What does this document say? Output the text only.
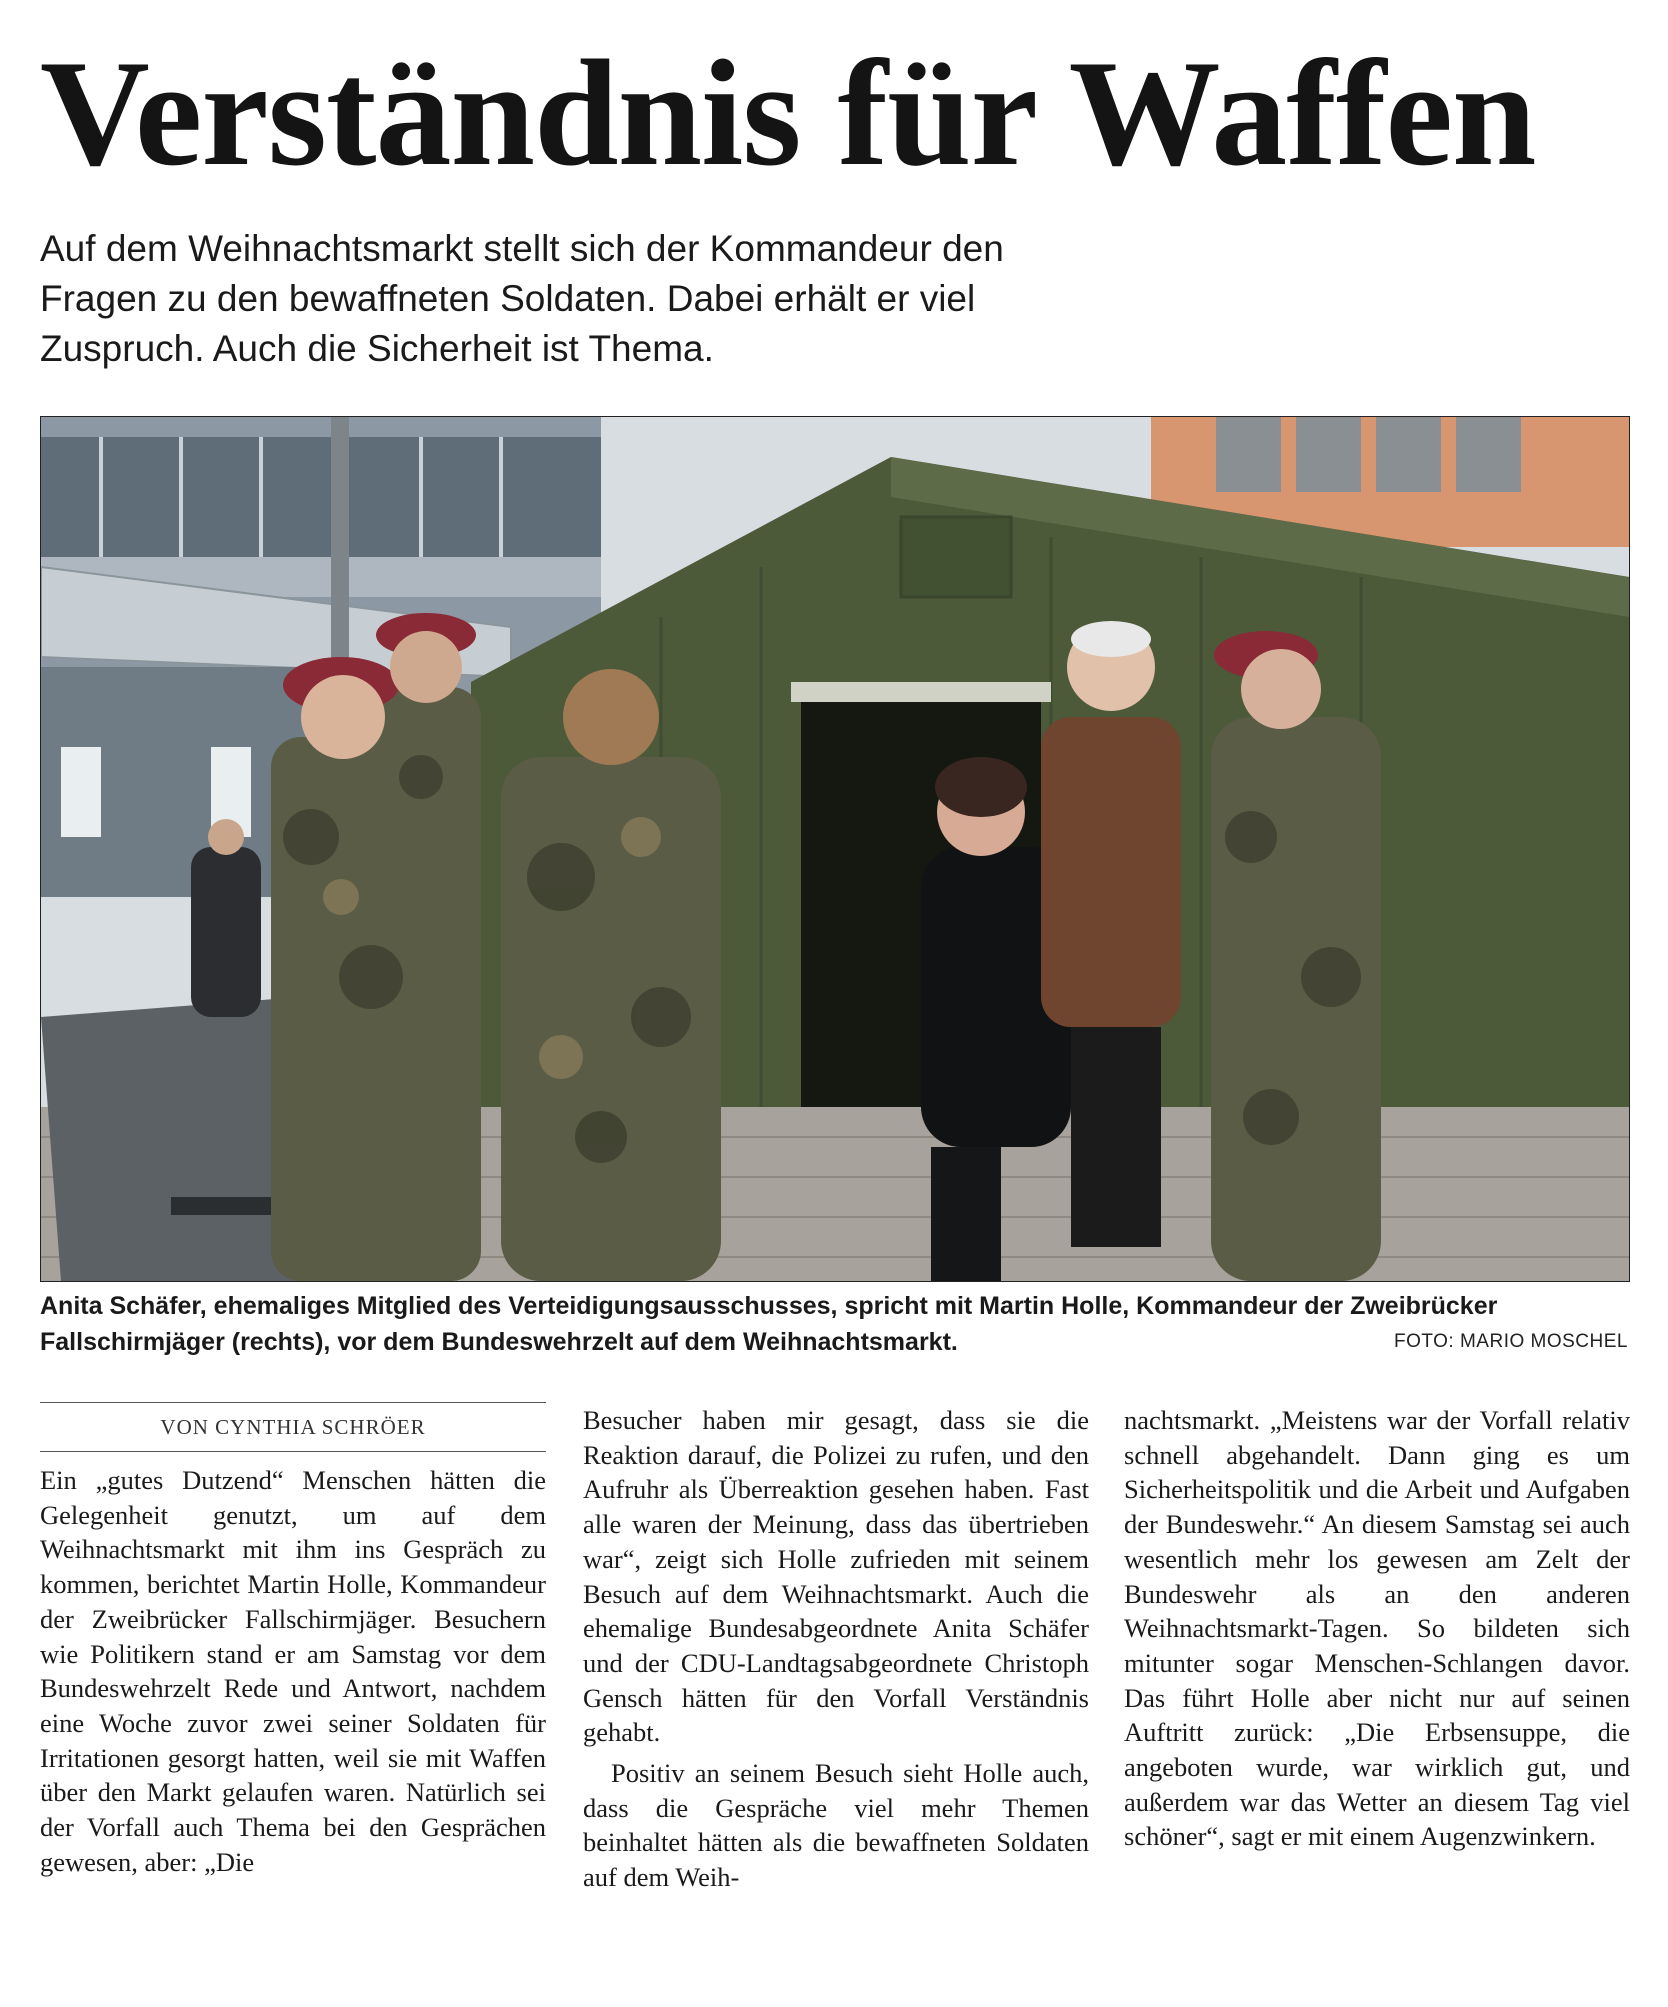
Verständnis für Waffen

Auf dem Weihnachtsmarkt stellt sich der Kommandeur den Fragen zu den bewaffneten Soldaten. Dabei erhält er viel Zuspruch. Auch die Sicherheit ist Thema.

Anita Schäfer, ehemaliges Mitglied des Verteidigungsausschusses, spricht mit Martin Holle, Kommandeur der Zweibrücker Fallschirmjäger (rechts), vor dem Bundeswehrzelt auf dem Weihnachtsmarkt.	FOTO: MARIO MOSCHEL
VON CYNTHIA SCHRÖER

Ein „gutes Dutzend“ Menschen hätten die Gelegenheit genutzt, um auf dem Weihnachtsmarkt mit ihm ins Gespräch zu kommen, berichtet Martin Holle, Kommandeur der Zweibrücker Fallschirmjäger. Besuchern wie Politikern stand er am Samstag vor dem Bundeswehrzelt Rede und Antwort, nachdem eine Woche zuvor zwei seiner Soldaten für Irritationen gesorgt hatten, weil sie mit Waffen über den Markt gelaufen waren. Natürlich sei der Vorfall auch Thema bei den Gesprächen gewesen, aber: „Die

Besucher haben mir gesagt, dass sie die Reaktion darauf, die Polizei zu rufen, und den Aufruhr als Überreaktion gesehen haben. Fast alle waren der Meinung, dass das übertrieben war“, zeigt sich Holle zufrieden mit seinem Besuch auf dem Weihnachtsmarkt. Auch die ehemalige Bundesabgeordnete Anita Schäfer und der CDU-Landtagsabgeordnete Christoph Gensch hätten für den Vorfall Verständnis gehabt.

Positiv an seinem Besuch sieht Holle auch, dass die Gespräche viel mehr Themen beinhaltet hätten als die bewaffneten Soldaten auf dem Weih-

nachtsmarkt. „Meistens war der Vorfall relativ schnell abgehandelt. Dann ging es um Sicherheitspolitik und die Arbeit und Aufgaben der Bundeswehr.“ An diesem Samstag sei auch wesentlich mehr los gewesen am Zelt der Bundeswehr als an den anderen Weihnachtsmarkt-Tagen. So bildeten sich mitunter sogar Menschen-Schlangen davor. Das führt Holle aber nicht nur auf seinen Auftritt zurück: „Die Erbsensuppe, die angeboten wurde, war wirklich gut, und außerdem war das Wetter an diesem Tag viel schöner“, sagt er mit einem Augenzwinkern.
